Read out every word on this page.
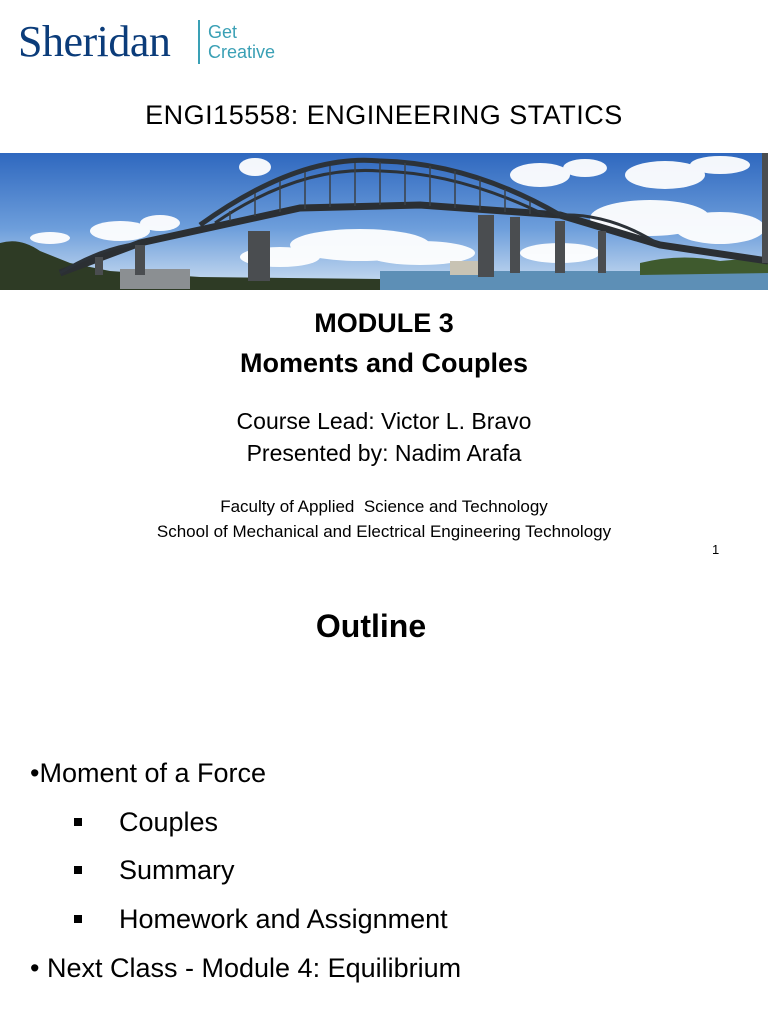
Sheridan Get
Creative
ENGI15558: ENGINEERING STATICS
MODULE 3
Moments and Couples
Course Lead: Victor L. Bravo
Presented by: Nadim Arafa
Faculty of Applied  Science and Technology
School of Mechanical and Electrical Engineering Technology
1
Outline
•Moment of a Force
Couples
Summary
Homework and Assignment
• Next Class - Module 4: Equilibrium
